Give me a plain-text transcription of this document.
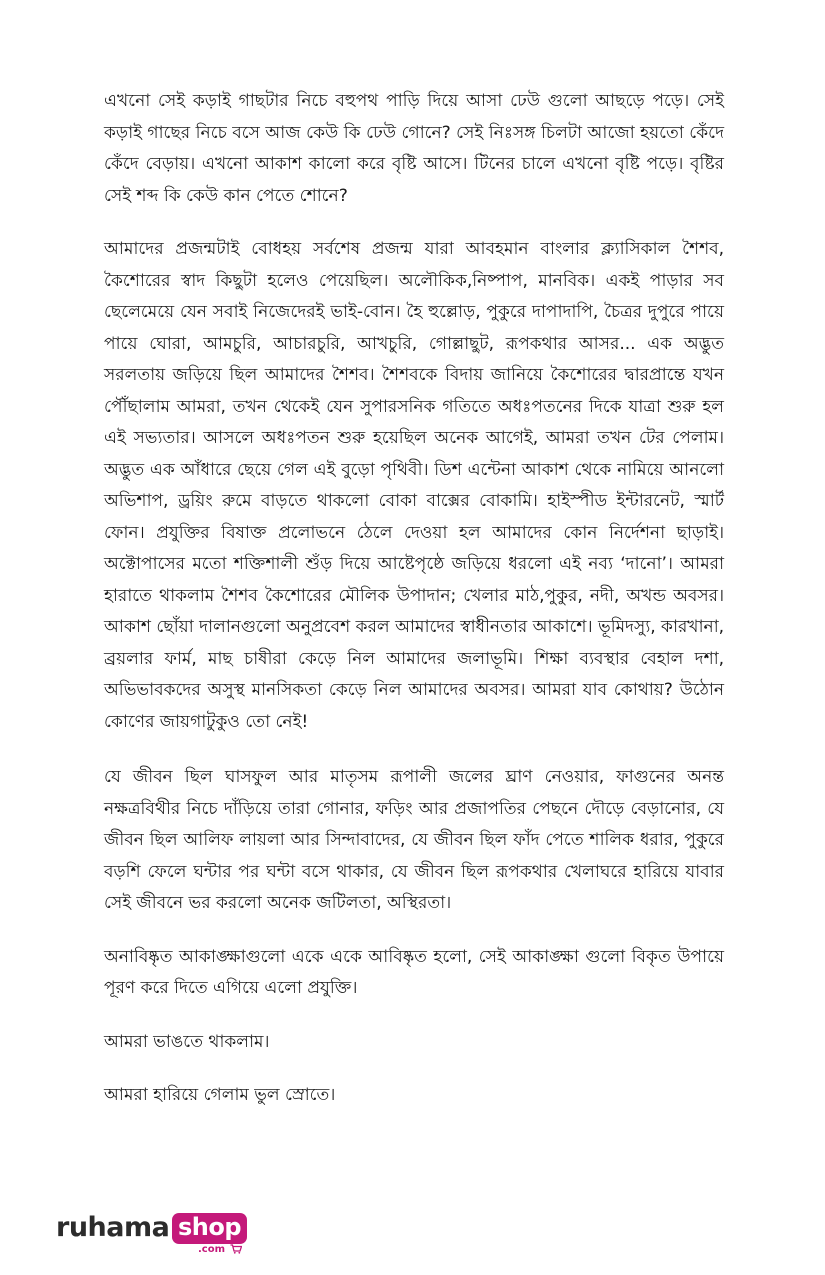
এখনো সেই কড়াই গাছটার নিচে বহুপথ পাড়ি দিয়ে আসা ঢেউ গুলো আছড়ে পড়ে। সেই কড়াই গাছের নিচে বসে আজ কেউ কি ঢেউ গোনে? সেই নিঃসঙ্গ চিলটা আজো হয়তো কেঁদে কেঁদে বেড়ায়। এখনো আকাশ কালো করে বৃষ্টি আসে। টিনের চালে এখনো বৃষ্টি পড়ে। বৃষ্টির সেই শব্দ কি কেউ কান পেতে শোনে?

আমাদের প্রজন্মটাই বোধহয় সর্বশেষ প্রজন্ম যারা আবহমান বাংলার ক্ল্যাসিকাল শৈশব, কৈশোরের স্বাদ কিছুটা হলেও পেয়েছিল। অলৌকিক,নিষ্পাপ, মানবিক। একই পাড়ার সব ছেলেমেয়ে যেন সবাই নিজেদেরই ভাই-বোন। হৈ হুল্লোড়, পুকুরে দাপাদাপি, চৈত্রর দুপুরে পায়ে পায়ে ঘোরা, আমচুরি, আচারচুরি, আখচুরি, গোল্লাছুট, রূপকথার আসর... এক অদ্ভুত সরলতায় জড়িয়ে ছিল আমাদের শৈশব। শৈশবকে বিদায় জানিয়ে কৈশোরের দ্বারপ্রান্তে যখন পৌঁছালাম আমরা, তখন থেকেই যেন সুপারসনিক গতিতে অধঃপতনের দিকে যাত্রা শুরু হল এই সভ্যতার। আসলে অধঃপতন শুরু হয়েছিল অনেক আগেই, আমরা তখন টের পেলাম। অদ্ভুত এক আঁধারে ছেয়ে গেল এই বুড়ো পৃথিবী। ডিশ এন্টেনা আকাশ থেকে নামিয়ে আনলো অভিশাপ, ড্রয়িং রুমে বাড়তে থাকলো বোকা বাক্সের বোকামি। হাইস্পীড ইন্টারনেট, স্মার্ট ফোন। প্রযুক্তির বিষাক্ত প্রলোভনে ঠেলে দেওয়া হল আমাদের কোন নির্দেশনা ছাড়াই। অক্টোপাসের মতো শক্তিশালী শুঁড় দিয়ে আষ্টেপৃষ্ঠে জড়িয়ে ধরলো এই নব্য ‘দানো’। আমরা হারাতে থাকলাম শৈশব কৈশোরের মৌলিক উপাদান; খেলার মাঠ,পুকুর, নদী, অখন্ড অবসর। আকাশ ছোঁয়া দালানগুলো অনুপ্রবেশ করল আমাদের স্বাধীনতার আকাশে। ভূমিদস্যু, কারখানা, ব্রয়লার ফার্ম, মাছ চাষীরা কেড়ে নিল আমাদের জলাভূমি। শিক্ষা ব্যবস্থার বেহাল দশা, অভিভাবকদের অসুস্থ মানসিকতা কেড়ে নিল আমাদের অবসর। আমরা যাব কোথায়? উঠোন কোণের জায়গাটুকুও তো নেই!

যে জীবন ছিল ঘাসফুল আর মাতৃসম রূপালী জলের ঘ্রাণ নেওয়ার, ফাগুনের অনন্ত নক্ষত্রবিথীর নিচে দাঁড়িয়ে তারা গোনার, ফড়িং আর প্রজাপতির পেছনে দৌড়ে বেড়ানোর, যে জীবন ছিল আলিফ লায়লা আর সিন্দাবাদের, যে জীবন ছিল ফাঁদ পেতে শালিক ধরার, পুকুরে বড়শি ফেলে ঘন্টার পর ঘন্টা বসে থাকার, যে জীবন ছিল রূপকথার খেলাঘরে হারিয়ে যাবার সেই জীবনে ভর করলো অনেক জটিলতা, অস্থিরতা।

অনাবিষ্কৃত আকাঙ্ক্ষাগুলো একে একে আবিষ্কৃত হলো, সেই আকাঙ্ক্ষা গুলো বিকৃত উপায়ে পূরণ করে দিতে এগিয়ে এলো প্রযুক্তি।

আমরা ভাঙতে থাকলাম।

আমরা হারিয়ে গেলাম ভুল স্রোতে।

ruhama shop
.com
